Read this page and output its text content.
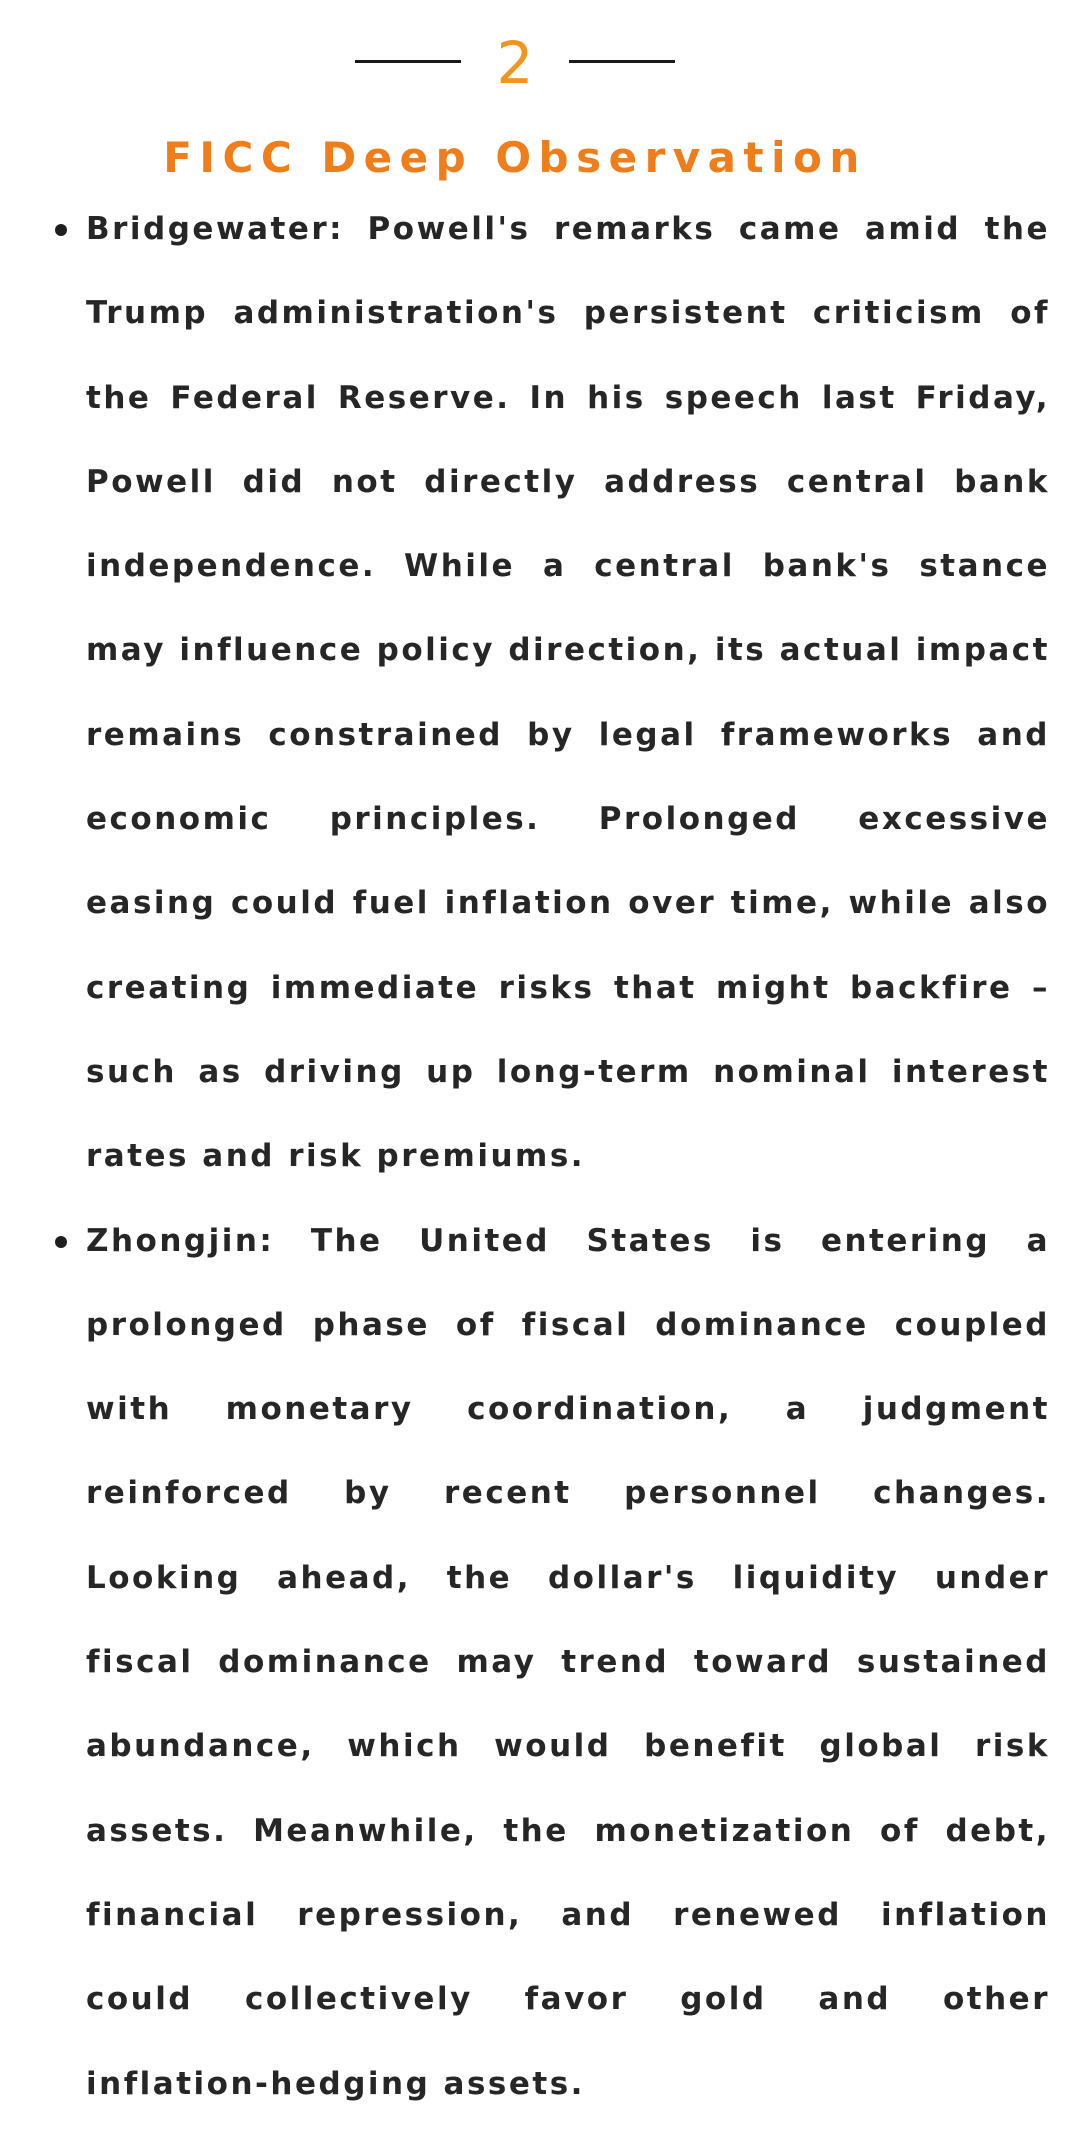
2
FICC Deep Observation

Bridgewater: Powell's remarks came amid the Trump administration's persistent criticism of the Federal Reserve. In his speech last Friday, Powell did not directly address central bank independence. While a central bank's stance may influence policy direction, its actual impact remains constrained by legal frameworks and economic principles. Prolonged excessive easing could fuel inflation over time, while also creating immediate risks that might backfire – such as driving up long-term nominal interest rates and risk premiums.

Zhongjin: The United States is entering a prolonged phase of fiscal dominance coupled with monetary coordination, a judgment reinforced by recent personnel changes. Looking ahead, the dollar's liquidity under fiscal dominance may trend toward sustained abundance, which would benefit global risk assets. Meanwhile, the monetization of debt, financial repression, and renewed inflation could collectively favor gold and other inflation-hedging assets.
